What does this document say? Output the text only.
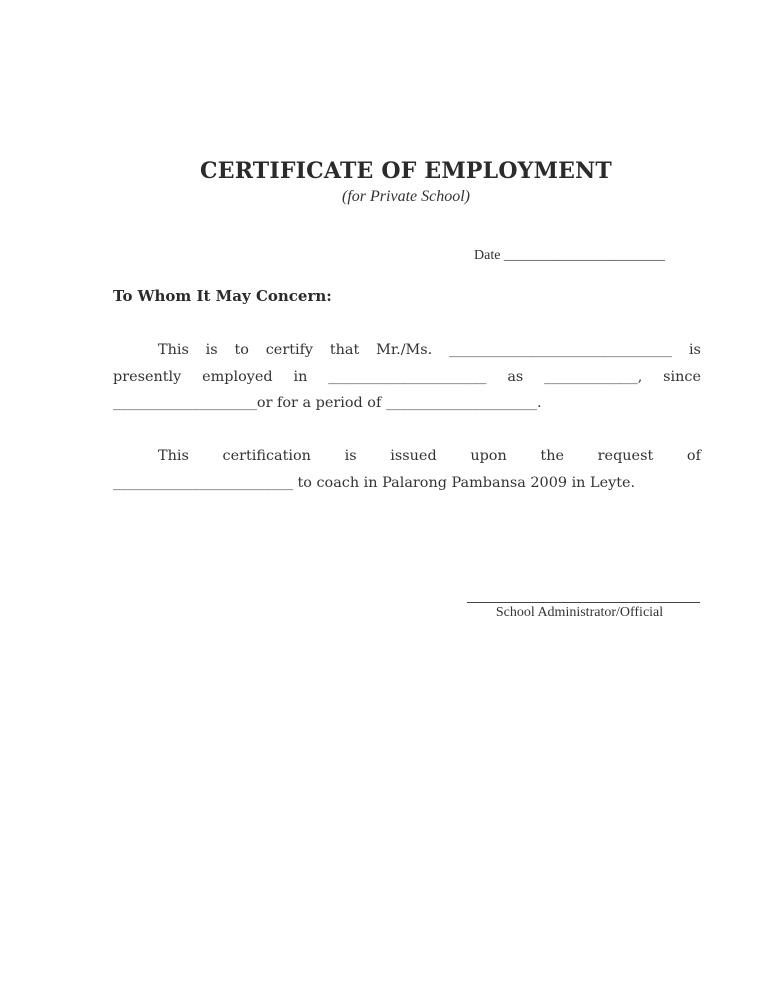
CERTIFICATE OF EMPLOYMENT
(for Private School)
Date _______________________
To Whom It May Concern:
This is to certify that Mr./Ms. _______________________________ is
presently employed in ______________________ as _____________, since
____________________or for a period of _____________________.
This certification is issued upon the request of
_________________________ to coach in Palarong Pambansa 2009 in Leyte.
School Administrator/Official
